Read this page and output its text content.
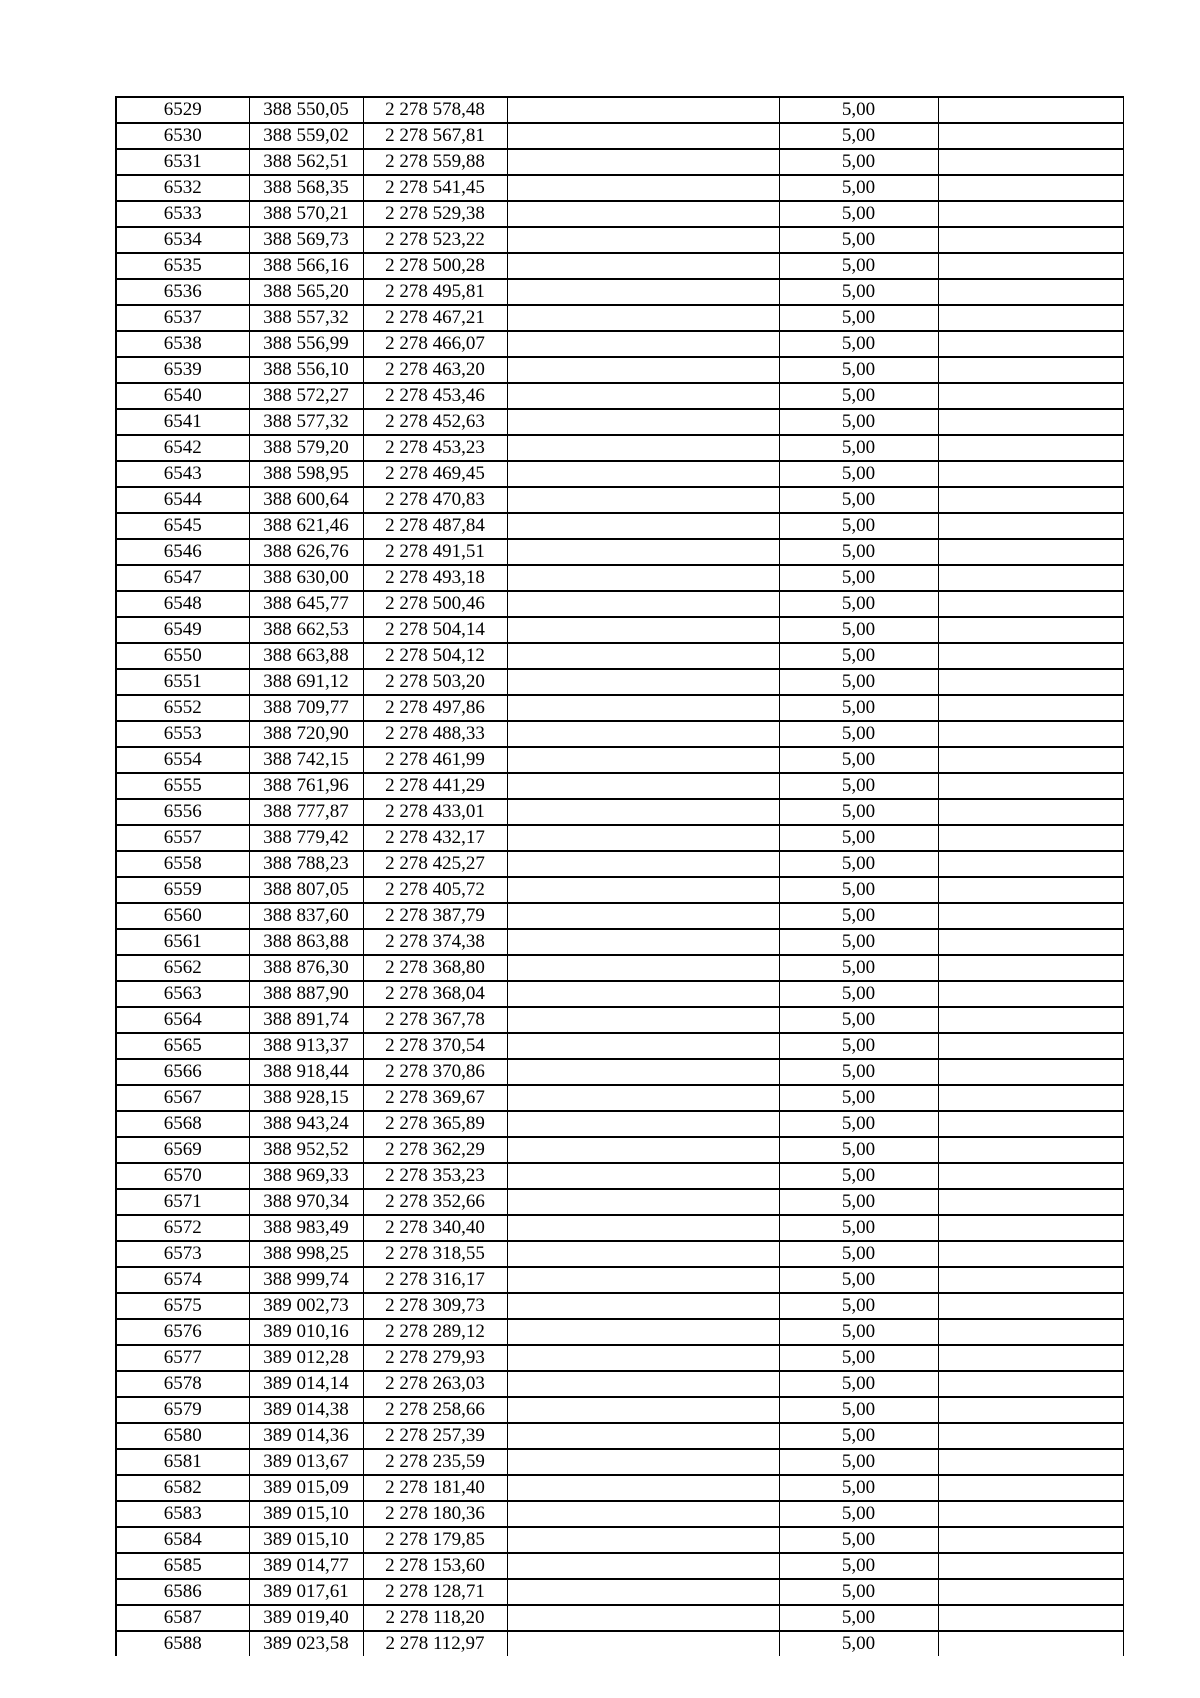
6529	388 550,05	2 278 578,48		5,00	
6530	388 559,02	2 278 567,81		5,00	
6531	388 562,51	2 278 559,88		5,00	
6532	388 568,35	2 278 541,45		5,00	
6533	388 570,21	2 278 529,38		5,00	
6534	388 569,73	2 278 523,22		5,00	
6535	388 566,16	2 278 500,28		5,00	
6536	388 565,20	2 278 495,81		5,00	
6537	388 557,32	2 278 467,21		5,00	
6538	388 556,99	2 278 466,07		5,00	
6539	388 556,10	2 278 463,20		5,00	
6540	388 572,27	2 278 453,46		5,00	
6541	388 577,32	2 278 452,63		5,00	
6542	388 579,20	2 278 453,23		5,00	
6543	388 598,95	2 278 469,45		5,00	
6544	388 600,64	2 278 470,83		5,00	
6545	388 621,46	2 278 487,84		5,00	
6546	388 626,76	2 278 491,51		5,00	
6547	388 630,00	2 278 493,18		5,00	
6548	388 645,77	2 278 500,46		5,00	
6549	388 662,53	2 278 504,14		5,00	
6550	388 663,88	2 278 504,12		5,00	
6551	388 691,12	2 278 503,20		5,00	
6552	388 709,77	2 278 497,86		5,00	
6553	388 720,90	2 278 488,33		5,00	
6554	388 742,15	2 278 461,99		5,00	
6555	388 761,96	2 278 441,29		5,00	
6556	388 777,87	2 278 433,01		5,00	
6557	388 779,42	2 278 432,17		5,00	
6558	388 788,23	2 278 425,27		5,00	
6559	388 807,05	2 278 405,72		5,00	
6560	388 837,60	2 278 387,79		5,00	
6561	388 863,88	2 278 374,38		5,00	
6562	388 876,30	2 278 368,80		5,00	
6563	388 887,90	2 278 368,04		5,00	
6564	388 891,74	2 278 367,78		5,00	
6565	388 913,37	2 278 370,54		5,00	
6566	388 918,44	2 278 370,86		5,00	
6567	388 928,15	2 278 369,67		5,00	
6568	388 943,24	2 278 365,89		5,00	
6569	388 952,52	2 278 362,29		5,00	
6570	388 969,33	2 278 353,23		5,00	
6571	388 970,34	2 278 352,66		5,00	
6572	388 983,49	2 278 340,40		5,00	
6573	388 998,25	2 278 318,55		5,00	
6574	388 999,74	2 278 316,17		5,00	
6575	389 002,73	2 278 309,73		5,00	
6576	389 010,16	2 278 289,12		5,00	
6577	389 012,28	2 278 279,93		5,00	
6578	389 014,14	2 278 263,03		5,00	
6579	389 014,38	2 278 258,66		5,00	
6580	389 014,36	2 278 257,39		5,00	
6581	389 013,67	2 278 235,59		5,00	
6582	389 015,09	2 278 181,40		5,00	
6583	389 015,10	2 278 180,36		5,00	
6584	389 015,10	2 278 179,85		5,00	
6585	389 014,77	2 278 153,60		5,00	
6586	389 017,61	2 278 128,71		5,00	
6587	389 019,40	2 278 118,20		5,00	
6588	389 023,58	2 278 112,97		5,00	
